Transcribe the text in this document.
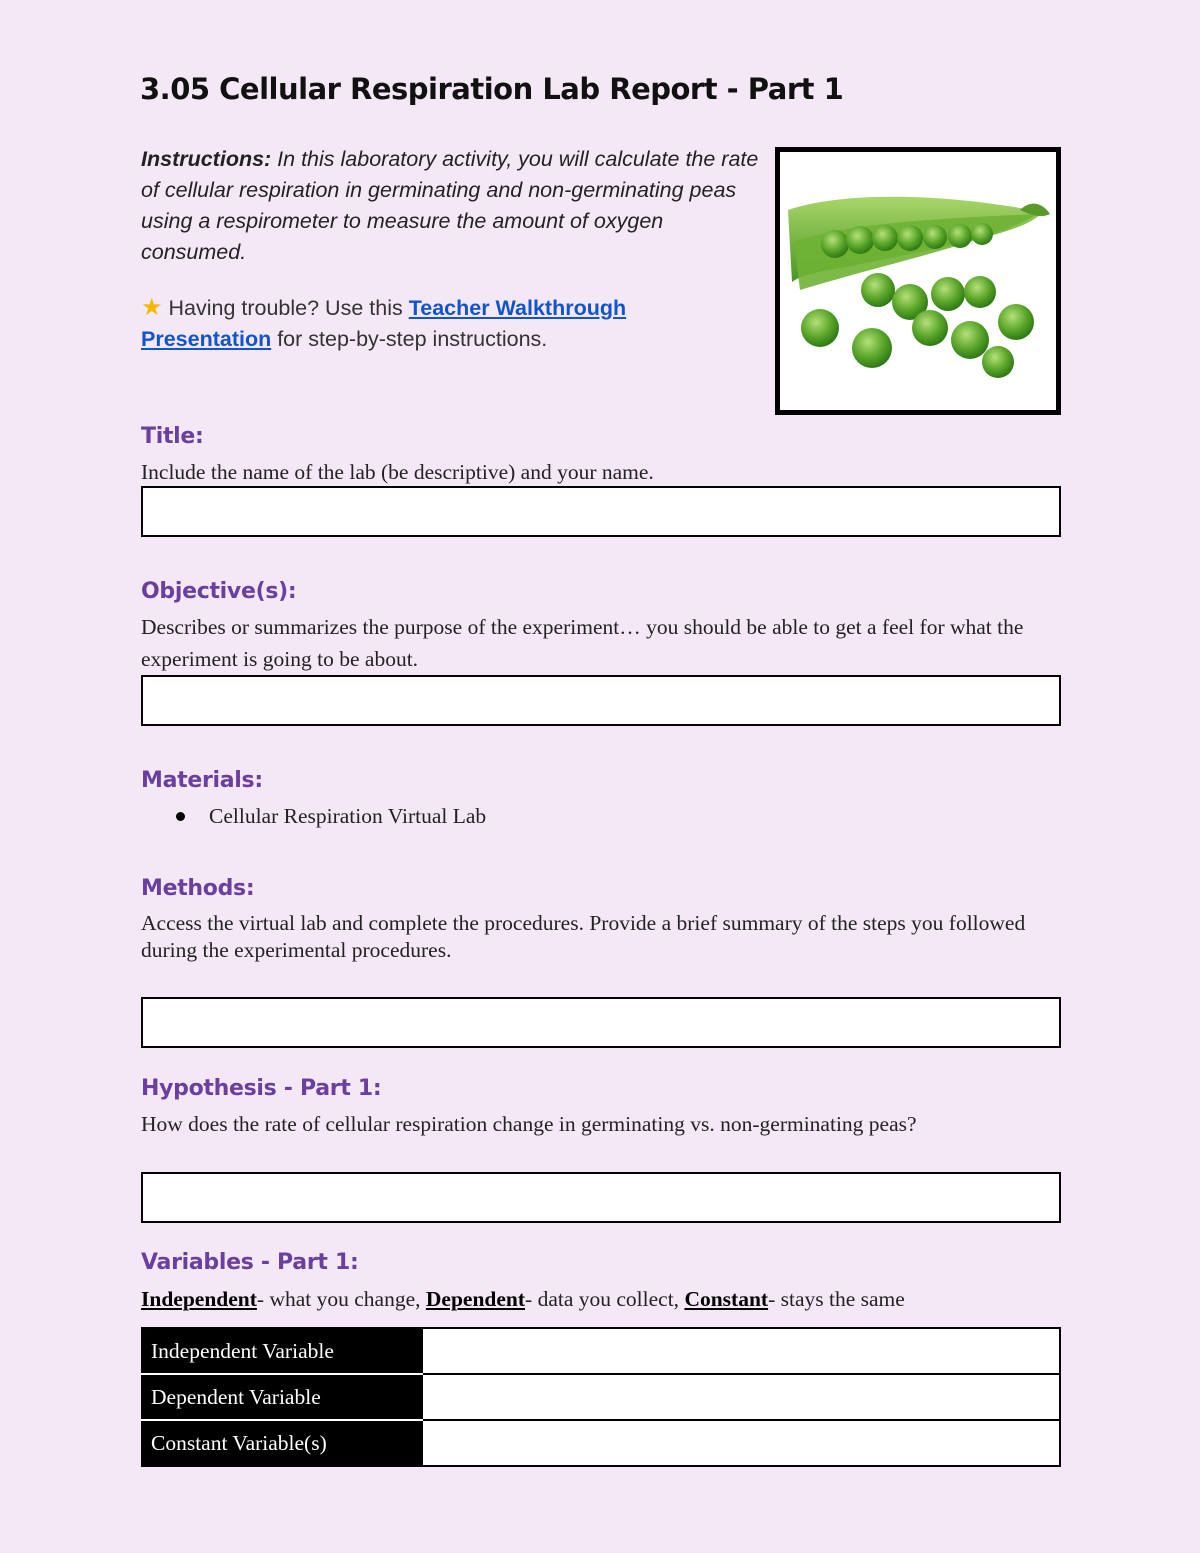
3.05 Cellular Respiration Lab Report - Part 1
Instructions: In this laboratory activity, you will calculate the rate of cellular respiration in germinating and non-germinating peas using a respirometer to measure the amount of oxygen consumed.
★ Having trouble? Use this Teacher Walkthrough Presentation for step-by-step instructions.
Title:

Include the name of the lab (be descriptive) and your name.

Objective(s):

Describes or summarizes the purpose of the experiment… you should be able to get a feel for what the experiment is going to be about.

Materials:
Cellular Respiration Virtual Lab
Methods:

Access the virtual lab and complete the procedures. Provide a brief summary of the steps you followed during the experimental procedures.

Hypothesis - Part 1:

How does the rate of cellular respiration change in germinating vs. non-germinating peas?

Variables - Part 1:
Independent- what you change, Dependent- data you collect, Constant- stays the same
Independent Variable	
Dependent Variable	
Constant Variable(s)	
